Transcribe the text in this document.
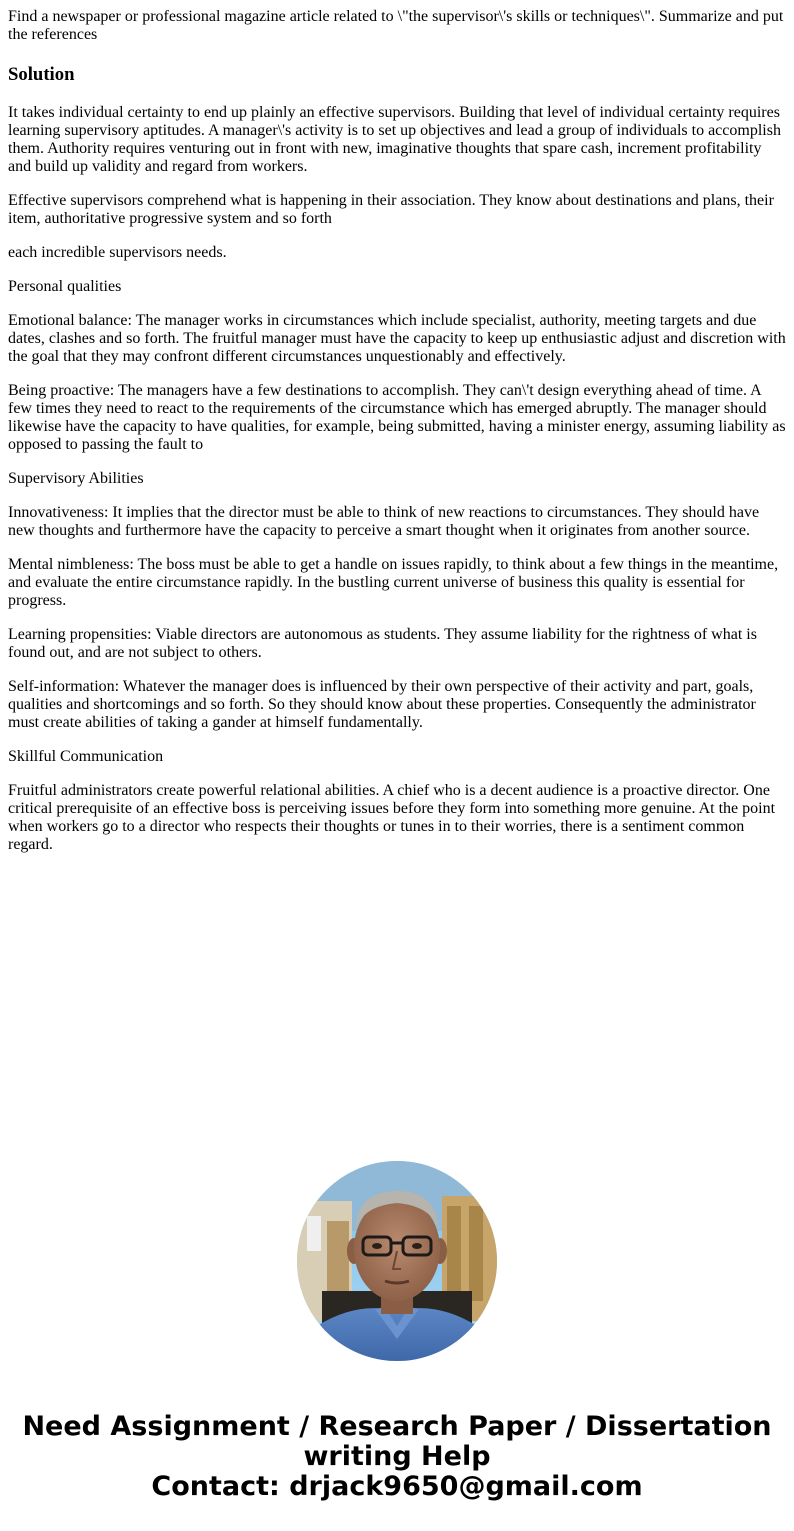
Find a newspaper or professional magazine article related to \"the supervisor\'s skills or techniques\". Summarize and put the references
Solution
It takes individual certainty to end up plainly an effective supervisors. Building that level of individual certainty requires learning supervisory aptitudes. A manager\'s activity is to set up objectives and lead a group of individuals to accomplish them. Authority requires venturing out in front with new, imaginative thoughts that spare cash, increment profitability and build up validity and regard from workers.
Effective supervisors comprehend what is happening in their association. They know about destinations and plans, their item, authoritative progressive system and so forth
each incredible supervisors needs.
Personal qualities
Emotional balance: The manager works in circumstances which include specialist, authority, meeting targets and due dates, clashes and so forth. The fruitful manager must have the capacity to keep up enthusiastic adjust and discretion with the goal that they may confront different circumstances unquestionably and effectively.
Being proactive: The managers have a few destinations to accomplish. They can\'t design everything ahead of time. A few times they need to react to the requirements of the circumstance which has emerged abruptly. The manager should likewise have the capacity to have qualities, for example, being submitted, having a minister energy, assuming liability as opposed to passing the fault to
Supervisory Abilities
Innovativeness: It implies that the director must be able to think of new reactions to circumstances. They should have new thoughts and furthermore have the capacity to perceive a smart thought when it originates from another source.
Mental nimbleness: The boss must be able to get a handle on issues rapidly, to think about a few things in the meantime, and evaluate the entire circumstance rapidly. In the bustling current universe of business this quality is essential for progress.
Learning propensities: Viable directors are autonomous as students. They assume liability for the rightness of what is found out, and are not subject to others.
Self-information: Whatever the manager does is influenced by their own perspective of their activity and part, goals, qualities and shortcomings and so forth. So they should know about these properties. Consequently the administrator must create abilities of taking a gander at himself fundamentally.
Skillful Communication
Fruitful administrators create powerful relational abilities. A chief who is a decent audience is a proactive director. One critical prerequisite of an effective boss is perceiving issues before they form into something more genuine. At the point when workers go to a director who respects their thoughts or tunes in to their worries, there is a sentiment common regard.
Need Assignment / Research Paper / Dissertation
writing Help
Contact: drjack9650@gmail.com
